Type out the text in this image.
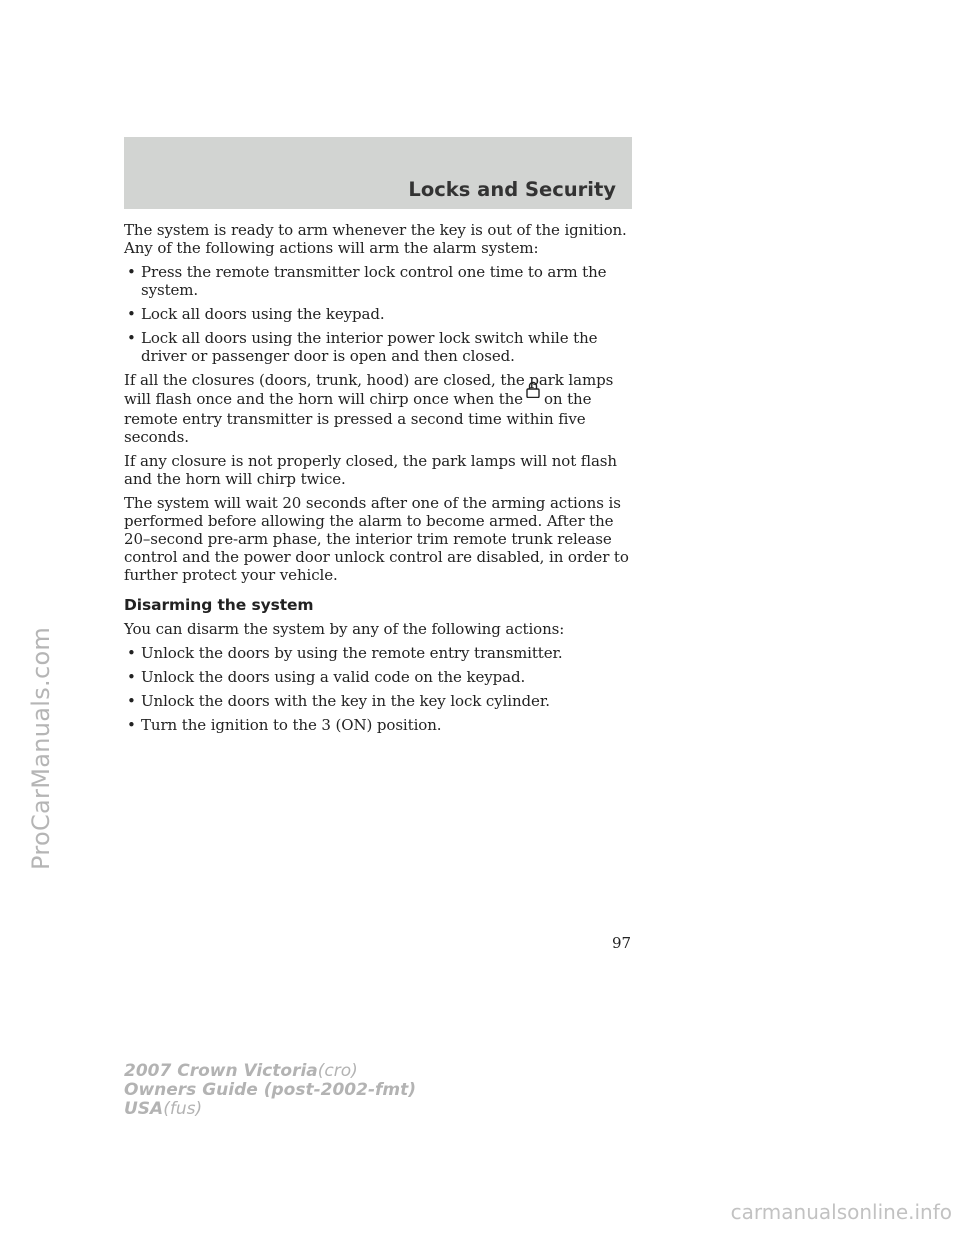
Locks and Security

The system is ready to arm whenever the key is out of the ignition. Any of the following actions will arm the alarm system:

• Press the remote transmitter lock control one time to arm the system.
• Lock all doors using the keypad.
• Lock all doors using the interior power lock switch while the driver or passenger door is open and then closed.

If all the closures (doors, trunk, hood) are closed, the park lamps will flash once and the horn will chirp once when the on the remote entry transmitter is pressed a second time within five seconds.

If any closure is not properly closed, the park lamps will not flash and the horn will chirp twice.

The system will wait 20 seconds after one of the arming actions is performed before allowing the alarm to become armed. After the 20–second pre-arm phase, the interior trim remote trunk release control and the power door unlock control are disabled, in order to further protect your vehicle.

Disarming the system

You can disarm the system by any of the following actions:

• Unlock the doors by using the remote entry transmitter.
• Unlock the doors using a valid code on the keypad.
• Unlock the doors with the key in the key lock cylinder.
• Turn the ignition to the 3 (ON) position.
97
2007 Crown Victoria(cro)
Owners Guide (post-2002-fmt)
USA(fus)
ProCarManuals.com
carmanualsonline.info
